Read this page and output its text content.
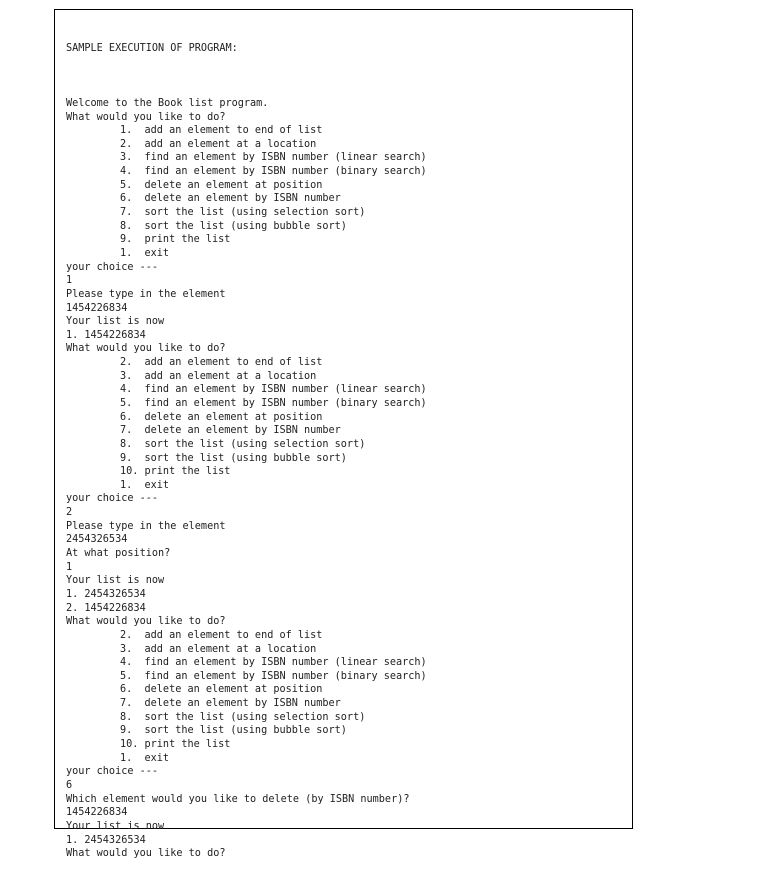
SAMPLE EXECUTION OF PROGRAM:

Welcome to the Book list program.
What would you like to do?
1.  add an element to end of list
2.  add an element at a location
3.  find an element by ISBN number (linear search)
4.  find an element by ISBN number (binary search)
5.  delete an element at position
6.  delete an element by ISBN number
7.  sort the list (using selection sort)
8.  sort the list (using bubble sort)
9.  print the list
1.  exit
your choice ---
1
Please type in the element
1454226834
Your list is now
1. 1454226834
What would you like to do?
2.  add an element to end of list
3.  add an element at a location
4.  find an element by ISBN number (linear search)
5.  find an element by ISBN number (binary search)
6.  delete an element at position
7.  delete an element by ISBN number
8.  sort the list (using selection sort)
9.  sort the list (using bubble sort)
10. print the list
1.  exit
your choice ---
2
Please type in the element
2454326534
At what position?
1
Your list is now
1. 2454326534
2. 1454226834
What would you like to do?
2.  add an element to end of list
3.  add an element at a location
4.  find an element by ISBN number (linear search)
5.  find an element by ISBN number (binary search)
6.  delete an element at position
7.  delete an element by ISBN number
8.  sort the list (using selection sort)
9.  sort the list (using bubble sort)
10. print the list
1.  exit
your choice ---
6
Which element would you like to delete (by ISBN number)?
1454226834
Your list is now
1. 2454326534
What would you like to do?
